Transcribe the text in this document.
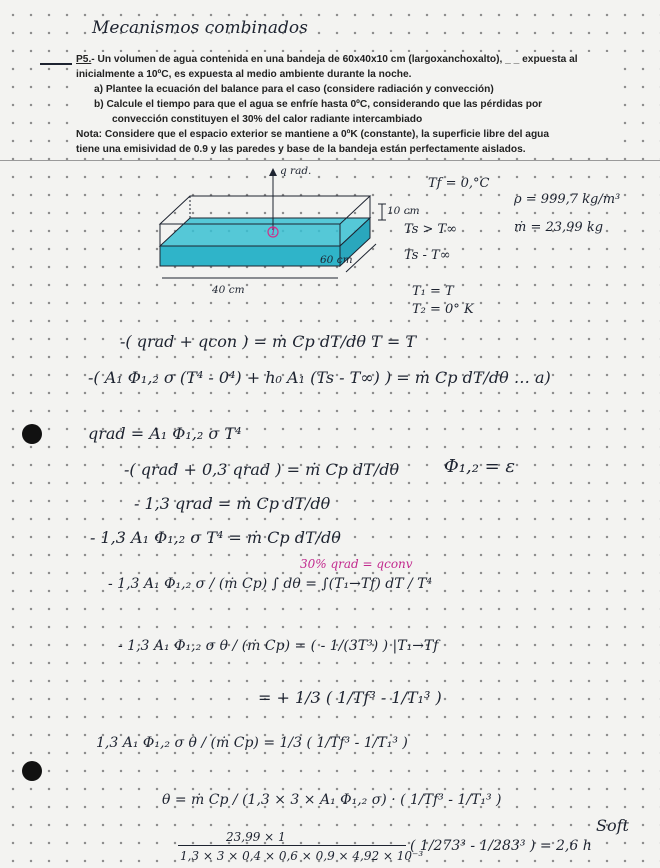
Mecanismos combinados

P5.- Un volumen de agua contenida en una bandeja de 60x40x10 cm (largoxanchoxalto), _ _ expuesta al

inicialmente a 10ºC, es expuesta al medio ambiente durante la noche.

a) Plantee la ecuación del balance para el caso (considere radiación y convección)

b) Calcule el tiempo para que el agua se enfríe hasta 0ºC, considerando que las pérdidas por

convección constituyen el 30% del calor radiante intercambiado

Nota: Considere que el espacio exterior se mantiene a 0ºK (constante), la superficie libre del agua

tiene una emisividad de 0.9 y las paredes y base de la bandeja están perfectamente aislados.

q rad.
10 cm
60 cm
40 cm
1
Tf = 0,°C
Ts > T∞
Ts - T∞
T₁ = T
T₂ = 0° K
ρ = 999,7 kg/m³
ṁ = 23,99 kg
-( qrad + qcon ) = ṁ Cp dT/dθ T = T
-( A₁ Φ₁,₂ σ (T⁴ - 0⁴) + h₀ A₁ (Ts - T∞) ) = ṁ Cp dT/dθ … a)
qrad = A₁ Φ₁,₂ σ T⁴
Φ₁,₂ = ε
-( qrad + 0,3 qrad ) = ṁ Cp dT/dθ
- 1,3 qrad = ṁ Cp dT/dθ
- 1,3 A₁ Φ₁,₂ σ T⁴ = ṁ Cp dT/dθ
30% qrad = qconv
- 1,3 A₁ Φ₁,₂ σ / (ṁ Cp) ∫ dθ = ∫(T₁→Tf) dT / T⁴
- 1,3 A₁ Φ₁,₂ σ θ / (ṁ Cp) = ( - 1/(3T³) ) |T₁→Tf
= + 1/3 ( 1/Tf³ - 1/T₁³ )
1,3 A₁ Φ₁,₂ σ θ / (ṁ Cp) = 1/3 ( 1/Tf³ - 1/T₁³ )
θ = ṁ Cp / (1,3 × 3 × A₁ Φ₁,₂ σ) · ( 1/Tf³ - 1/T₁³ )
23,99 × 1
1,3 × 3 × 0,4 × 0,6 × 0,9 × 4,92 × 10⁻³
( 1/273³ - 1/283³ ) = 2,6 h
Soft
